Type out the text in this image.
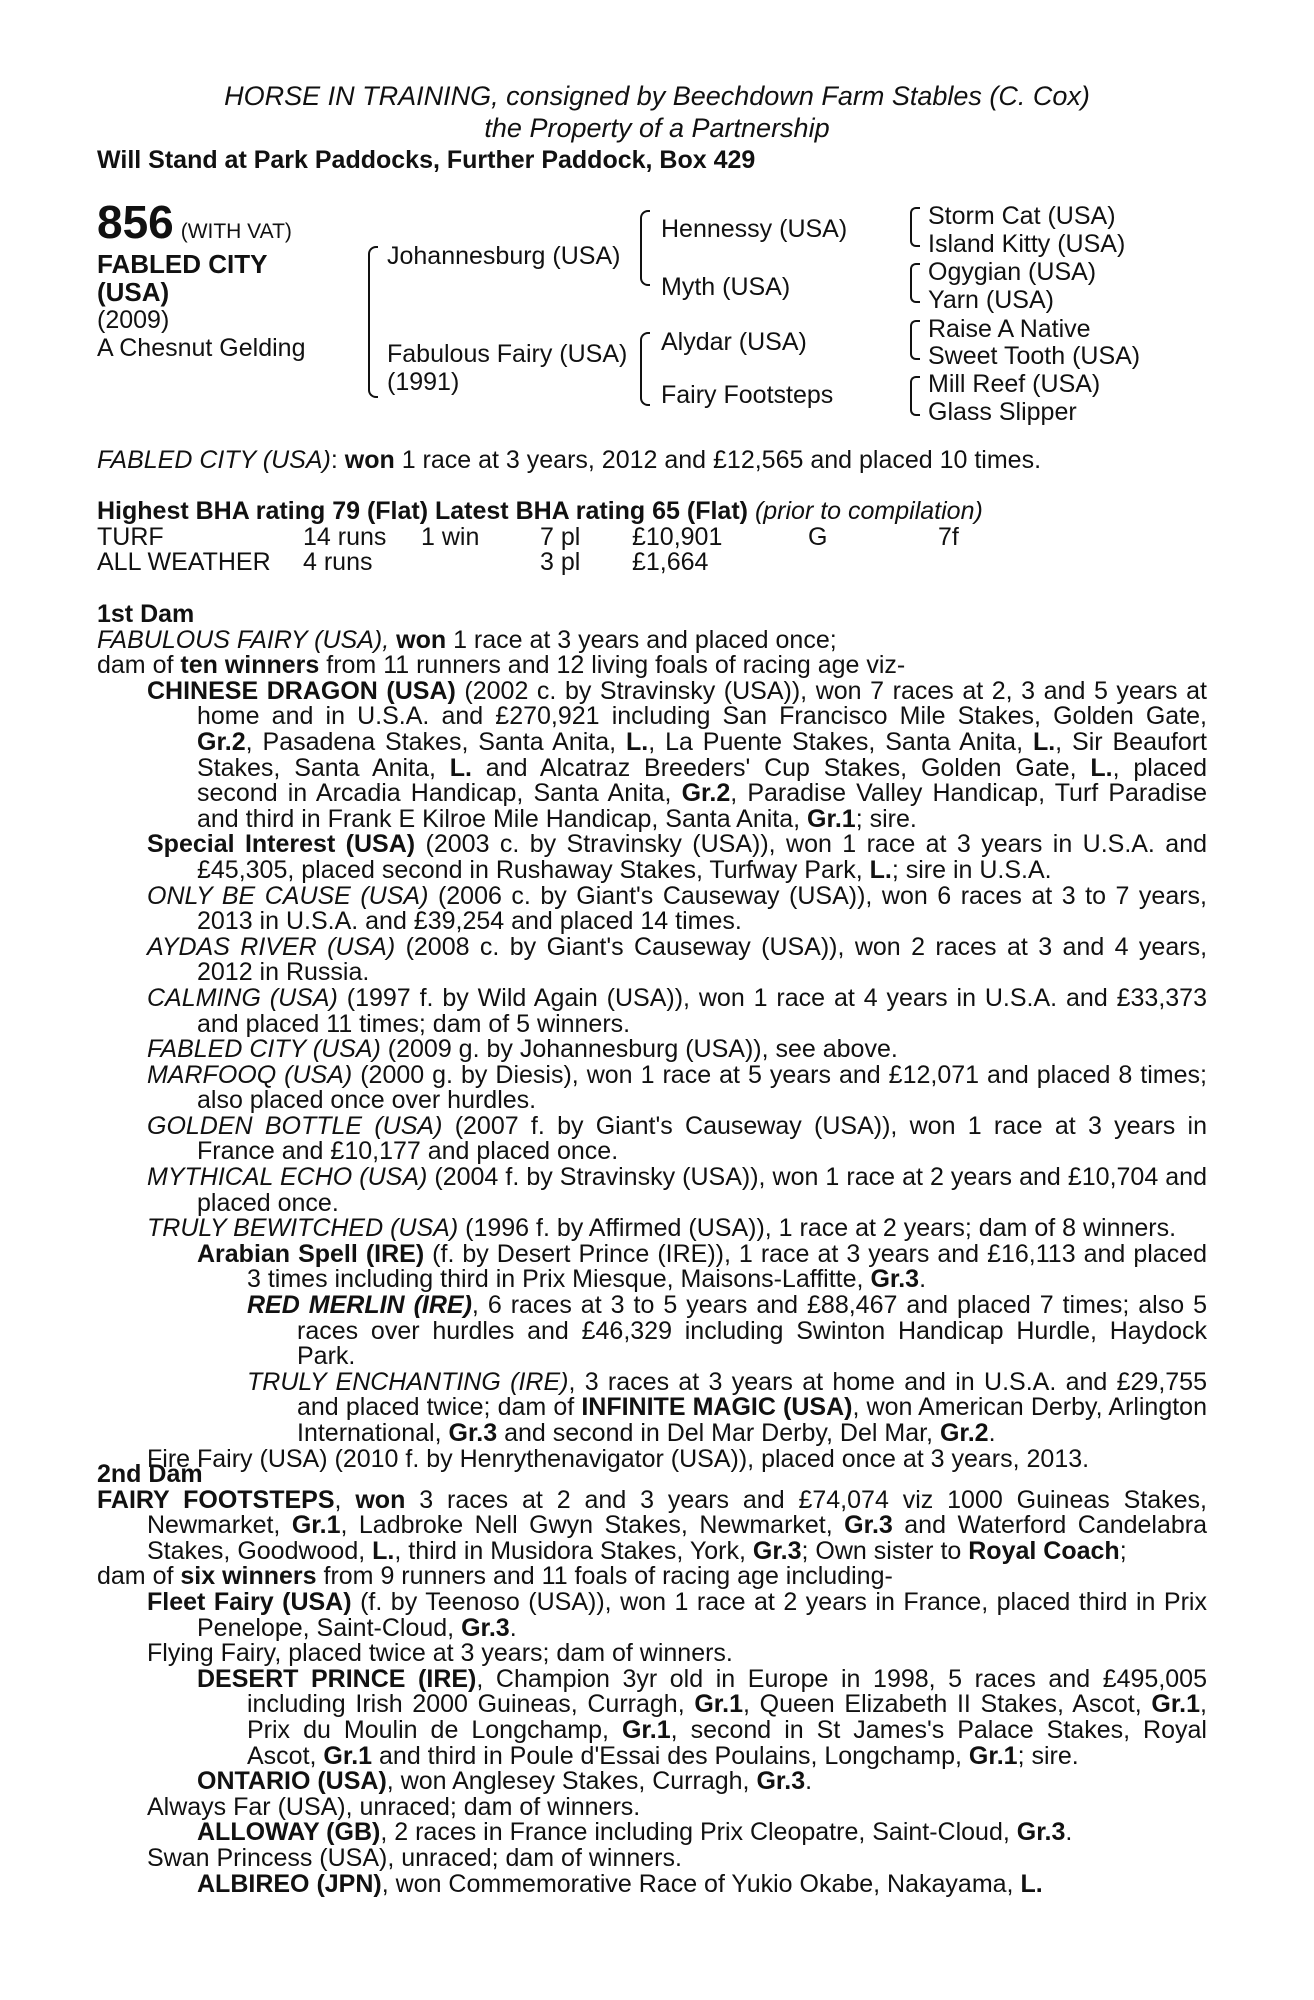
HORSE IN TRAINING, consigned by Beechdown Farm Stables (C. Cox)
the Property of a Partnership
Will Stand at Park Paddocks, Further Paddock, Box 429
856 (WITH VAT)
FABLED CITY
(USA)
(2009)
A Chesnut Gelding
Johannesburg (USA)
Fabulous Fairy (USA)
(1991)
Hennessy (USA)
Myth (USA)
Alydar (USA)
Fairy Footsteps
Storm Cat (USA)
Island Kitty (USA)
Ogygian (USA)
Yarn (USA)
Raise A Native
Sweet Tooth (USA)
Mill Reef (USA)
Glass Slipper

FABLED CITY (USA): won 1 race at 3 years, 2012 and £12,565 and placed 10 times.

Highest BHA rating 79 (Flat) Latest BHA rating 65 (Flat) (prior to compilation)

TURF	14 runs	1 win	7 pl	£10,901	G	7f
ALL WEATHER	4 runs		3 pl	£1,664		

1st Dam

FABULOUS FAIRY (USA), won 1 race at 3 years and placed once;

dam of ten winners from 11 runners and 12 living foals of racing age viz-

CHINESE DRAGON (USA) (2002 c. by Stravinsky (USA)), won 7 races at 2, 3 and 5 years at home and in U.S.A. and £270,921 including San Francisco Mile Stakes, Golden Gate, Gr.2, Pasadena Stakes, Santa Anita, L., La Puente Stakes, Santa Anita, L., Sir Beaufort Stakes, Santa Anita, L. and Alcatraz Breeders' Cup Stakes, Golden Gate, L., placed second in Arcadia Handicap, Santa Anita, Gr.2, Paradise Valley Handicap, Turf Paradise and third in Frank E Kilroe Mile Handicap, Santa Anita, Gr.1; sire.

Special Interest (USA) (2003 c. by Stravinsky (USA)), won 1 race at 3 years in U.S.A. and £45,305, placed second in Rushaway Stakes, Turfway Park, L.; sire in U.S.A.

ONLY BE CAUSE (USA) (2006 c. by Giant's Causeway (USA)), won 6 races at 3 to 7 years, 2013 in U.S.A. and £39,254 and placed 14 times.

AYDAS RIVER (USA) (2008 c. by Giant's Causeway (USA)), won 2 races at 3 and 4 years, 2012 in Russia.

CALMING (USA) (1997 f. by Wild Again (USA)), won 1 race at 4 years in U.S.A. and £33,373 and placed 11 times; dam of 5 winners.

FABLED CITY (USA) (2009 g. by Johannesburg (USA)), see above.

MARFOOQ (USA) (2000 g. by Diesis), won 1 race at 5 years and £12,071 and placed 8 times; also placed once over hurdles.

GOLDEN BOTTLE (USA) (2007 f. by Giant's Causeway (USA)), won 1 race at 3 years in France and £10,177 and placed once.

MYTHICAL ECHO (USA) (2004 f. by Stravinsky (USA)), won 1 race at 2 years and £10,704 and placed once.

TRULY BEWITCHED (USA) (1996 f. by Affirmed (USA)), 1 race at 2 years; dam of 8 winners.

Arabian Spell (IRE) (f. by Desert Prince (IRE)), 1 race at 3 years and £16,113 and placed 3 times including third in Prix Miesque, Maisons-Laffitte, Gr.3.

RED MERLIN (IRE), 6 races at 3 to 5 years and £88,467 and placed 7 times; also 5 races over hurdles and £46,329 including Swinton Handicap Hurdle, Haydock Park.

TRULY ENCHANTING (IRE), 3 races at 3 years at home and in U.S.A. and £29,755 and placed twice; dam of INFINITE MAGIC (USA), won American Derby, Arlington International, Gr.3 and second in Del Mar Derby, Del Mar, Gr.2.

Fire Fairy (USA) (2010 f. by Henrythenavigator (USA)), placed once at 3 years, 2013.

2nd Dam

FAIRY FOOTSTEPS, won 3 races at 2 and 3 years and £74,074 viz 1000 Guineas Stakes, Newmarket, Gr.1, Ladbroke Nell Gwyn Stakes, Newmarket, Gr.3 and Waterford Candelabra Stakes, Goodwood, L., third in Musidora Stakes, York, Gr.3; Own sister to Royal Coach;

dam of six winners from 9 runners and 11 foals of racing age including-

Fleet Fairy (USA) (f. by Teenoso (USA)), won 1 race at 2 years in France, placed third in Prix Penelope, Saint-Cloud, Gr.3.

Flying Fairy, placed twice at 3 years; dam of winners.

DESERT PRINCE (IRE), Champion 3yr old in Europe in 1998, 5 races and £495,005 including Irish 2000 Guineas, Curragh, Gr.1, Queen Elizabeth II Stakes, Ascot, Gr.1, Prix du Moulin de Longchamp, Gr.1, second in St James's Palace Stakes, Royal Ascot, Gr.1 and third in Poule d'Essai des Poulains, Longchamp, Gr.1; sire.

ONTARIO (USA), won Anglesey Stakes, Curragh, Gr.3.

Always Far (USA), unraced; dam of winners.

ALLOWAY (GB), 2 races in France including Prix Cleopatre, Saint-Cloud, Gr.3.

Swan Princess (USA), unraced; dam of winners.

ALBIREO (JPN), won Commemorative Race of Yukio Okabe, Nakayama, L.
